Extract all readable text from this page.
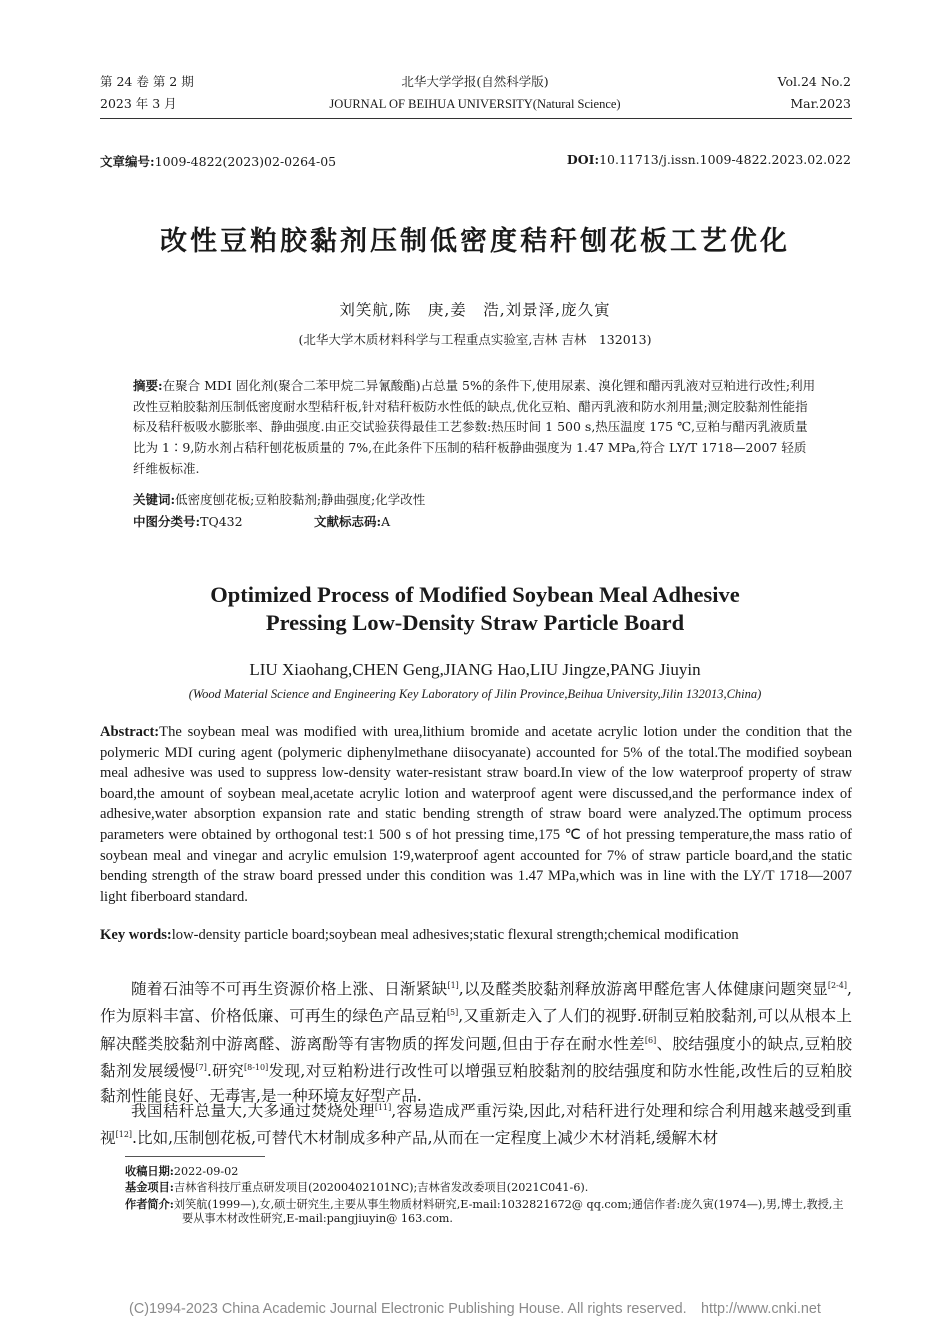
第 24 卷 第 2 期
2023 年 3 月
北华大学学报(自然科学版)
JOURNAL OF BEIHUA UNIVERSITY(Natural Science)
Vol.24 No.2
Mar.2023
文章编号:1009-4822(2023)02-0264-05	DOI:10.11713/j.issn.1009-4822.2023.02.022
改性豆粕胶黏剂压制低密度秸秆刨花板工艺优化
刘笑航,陈　庚,姜　浩,刘景泽,庞久寅
(北华大学木质材料科学与工程重点实验室,吉林 吉林　132013)
摘要:在聚合 MDI 固化剂(聚合二苯甲烷二异氰酸酯)占总量 5%的条件下,使用尿素、溴化锂和醋丙乳液对豆粕进行改性;利用改性豆粕胶黏剂压制低密度耐水型秸秆板,针对秸秆板防水性低的缺点,优化豆粕、醋丙乳液和防水剂用量;测定胶黏剂性能指标及秸秆板吸水膨胀率、静曲强度.由正交试验获得最佳工艺参数:热压时间 1 500 s,热压温度 175 ℃,豆粕与醋丙乳液质量比为 1∶9,防水剂占秸秆刨花板质量的 7%,在此条件下压制的秸秆板静曲强度为 1.47 MPa,符合 LY/T 1718—2007 轻质纤维板标准.
关键词:低密度刨花板;豆粕胶黏剂;静曲强度;化学改性
中图分类号:TQ432	文献标志码:A
Optimized Process of Modified Soybean Meal Adhesive
Pressing Low-Density Straw Particle Board
LIU Xiaohang,CHEN Geng,JIANG Hao,LIU Jingze,PANG Jiuyin
(Wood Material Science and Engineering Key Laboratory of Jilin Province,Beihua University,Jilin 132013,China)
Abstract:The soybean meal was modified with urea,lithium bromide and acetate acrylic lotion under the condition that the polymeric MDI curing agent (polymeric diphenylmethane diisocyanate) accounted for 5% of the total.The modified soybean meal adhesive was used to suppress low-density water-resistant straw board.In view of the low waterproof property of straw board,the amount of soybean meal,acetate acrylic lotion and waterproof agent were discussed,and the performance index of adhesive,water absorption expansion rate and static bending strength of straw board were analyzed.The optimum process parameters were obtained by orthogonal test:1 500 s of hot pressing time,175 ℃ of hot pressing temperature,the mass ratio of soybean meal and vinegar and acrylic emulsion 1∶9,waterproof agent accounted for 7% of straw particle board,and the static bending strength of the straw board pressed under this condition was 1.47 MPa,which was in line with the LY/T 1718—2007 light fiberboard standard.
Key words:low-density particle board;soybean meal adhesives;static flexural strength;chemical modification
随着石油等不可再生资源价格上涨、日渐紧缺[1],以及醛类胶黏剂释放游离甲醛危害人体健康问题突显[2-4],作为原料丰富、价格低廉、可再生的绿色产品豆粕[5],又重新走入了人们的视野.研制豆粕胶黏剂,可以从根本上解决醛类胶黏剂中游离醛、游离酚等有害物质的挥发问题,但由于存在耐水性差[6]、胶结强度小的缺点,豆粕胶黏剂发展缓慢[7].研究[8-10]发现,对豆粕粉进行改性可以增强豆粕胶黏剂的胶结强度和防水性能,改性后的豆粕胶黏剂性能良好、无毒害,是一种环境友好型产品.
我国秸秆总量大,大多通过焚烧处理[11],容易造成严重污染,因此,对秸秆进行处理和综合利用越来越受到重视[12].比如,压制刨花板,可替代木材制成多种产品,从而在一定程度上减少木材消耗,缓解木材
收稿日期:2022-09-02
基金项目:吉林省科技厅重点研发项目(20200402101NC);吉林省发改委项目(2021C041-6).
作者简介:刘笑航(1999—),女,硕士研究生,主要从事生物质材料研究,E-mail:1032821672@ qq.com;通信作者:庞久寅(1974—),男,博士,教授,主要从事木材改性研究,E-mail:pangjiuyin@ 163.com.
(C)1994-2023 China Academic Journal Electronic Publishing House. All rights reserved.　http://www.cnki.net
